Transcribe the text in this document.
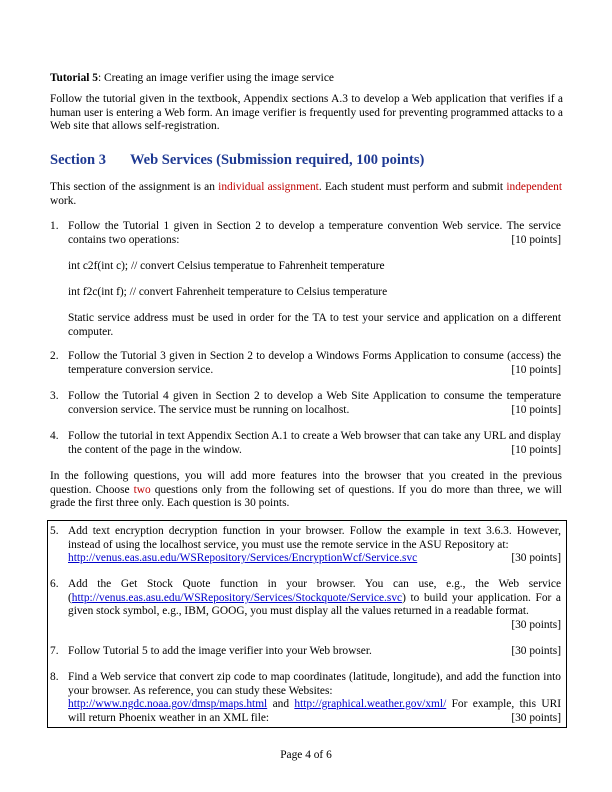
Tutorial 5: Creating an image verifier using the image service
Follow the tutorial given in the textbook, Appendix sections A.3 to develop a Web application that verifies if a human user is entering a Web form. An image verifier is frequently used for preventing programmed attacks to a Web site that allows self-registration.
Section 3 Web Services (Submission required, 100 points)
This section of the assignment is an individual assignment. Each student must perform and submit independent work.
1. Follow the Tutorial 1 given in Section 2 to develop a temperature convention Web service. The service contains two operations:	[10 points]
int c2f(int c); // convert Celsius temperatue to Fahrenheit temperature
int f2c(int f); // convert Fahrenheit temperature to Celsius temperature
Static service address must be used in order for the TA to test your service and application on a different computer.
2. Follow the Tutorial 3 given in Section 2 to develop a Windows Forms Application to consume (access) the temperature conversion service.	[10 points]
3. Follow the Tutorial 4 given in Section 2 to develop a Web Site Application to consume the temperature conversion service. The service must be running on localhost.	[10 points]
4. Follow the tutorial in text Appendix Section A.1 to create a Web browser that can take any URL and display the content of the page in the window.	[10 points]
In the following questions, you will add more features into the browser that you created in the previous question. Choose two questions only from the following set of questions. If you do more than three, we will grade the first three only. Each question is 30 points.
5. Add text encryption decryption function in your browser. Follow the example in text 3.6.3. However, instead of using the localhost service, you must use the remote service in the ASU Repository at:
http://venus.eas.asu.edu/WSRepository/Services/EncryptionWcf/Service.svc	[30 points]
6. Add the Get Stock Quote function in your browser. You can use, e.g., the Web service (http://venus.eas.asu.edu/WSRepository/Services/Stockquote/Service.svc) to build your application. For a given stock symbol, e.g., IBM, GOOG, you must display all the values returned in a readable format.
[30 points]
7. Follow Tutorial 5 to add the image verifier into your Web browser.	[30 points]
8. Find a Web service that convert zip code to map coordinates (latitude, longitude), and add the function into your browser. As reference, you can study these Websites:
http://www.ngdc.noaa.gov/dmsp/maps.html and http://graphical.weather.gov/xml/ For example, this URI will return Phoenix weather in an XML file:	[30 points]
Page 4 of 6
